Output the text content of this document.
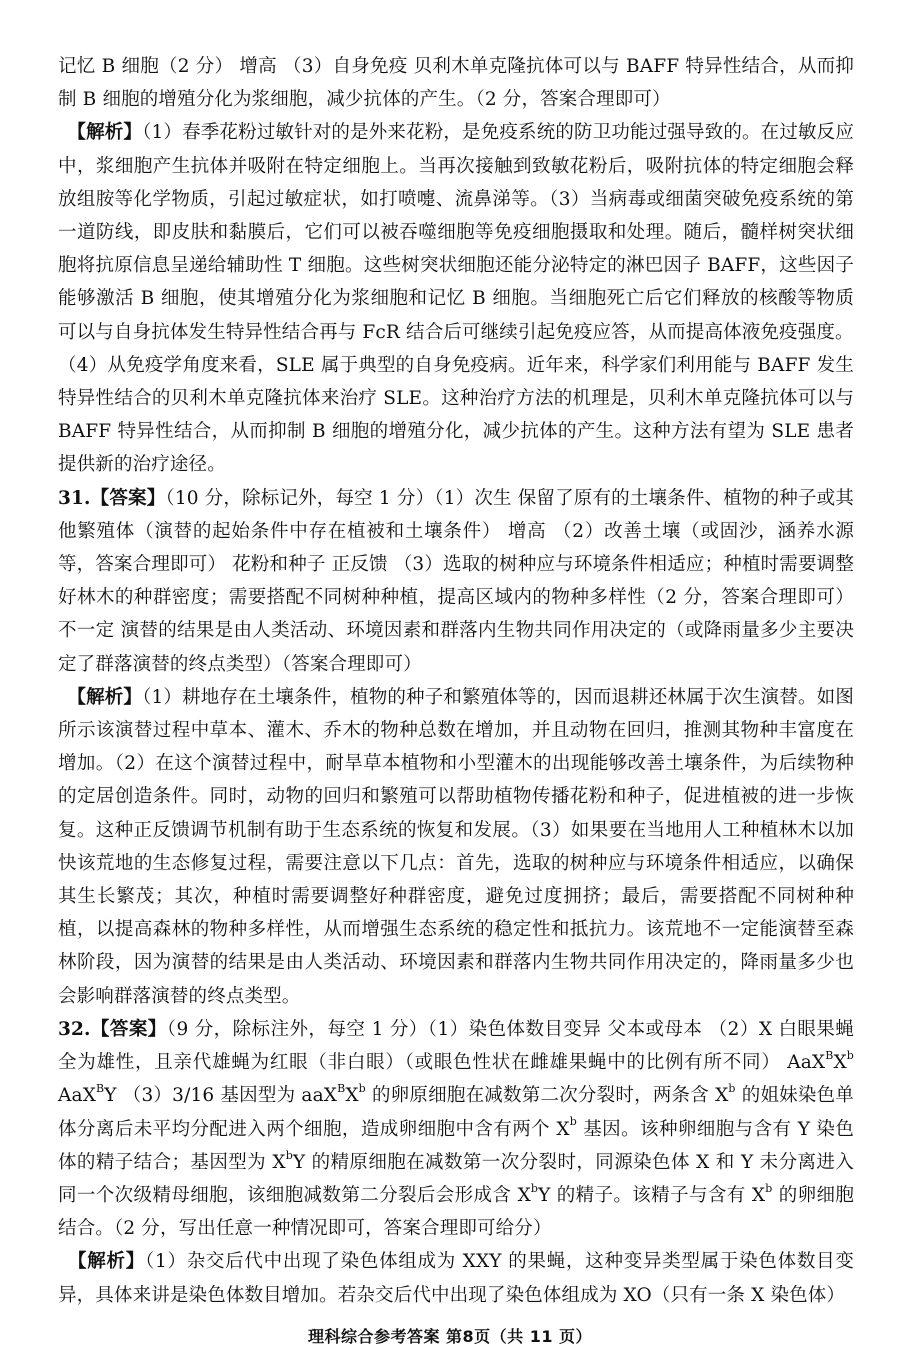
记忆 B 细胞（2 分） 增高 （3）自身免疫 贝利木单克隆抗体可以与 BAFF 特异性结合，从而抑制 B 细胞的增殖分化为浆细胞，减少抗体的产生。（2 分，答案合理即可）

 【解析】（1）春季花粉过敏针对的是外来花粉，是免疫系统的防卫功能过强导致的。在过敏反应中，浆细胞产生抗体并吸附在特定细胞上。当再次接触到致敏花粉后，吸附抗体的特定细胞会释放组胺等化学物质，引起过敏症状，如打喷嚏、流鼻涕等。（3）当病毒或细菌突破免疫系统的第一道防线，即皮肤和黏膜后，它们可以被吞噬细胞等免疫细胞摄取和处理。随后，髓样树突状细胞将抗原信息呈递给辅助性 T 细胞。这些树突状细胞还能分泌特定的淋巴因子 BAFF，这些因子能够激活 B 细胞，使其增殖分化为浆细胞和记忆 B 细胞。当细胞死亡后它们释放的核酸等物质可以与自身抗体发生特异性结合再与 FcR 结合后可继续引起免疫应答，从而提高体液免疫强度。

（4）从免疫学角度来看，SLE 属于典型的自身免疫病。近年来，科学家们利用能与 BAFF 发生特异性结合的贝利木单克隆抗体来治疗 SLE。这种治疗方法的机理是，贝利木单克隆抗体可以与 BAFF 特异性结合，从而抑制 B 细胞的增殖分化，减少抗体的产生。这种方法有望为 SLE 患者提供新的治疗途径。

31.【答案】（10 分，除标记外，每空 1 分）（1）次生 保留了原有的土壤条件、植物的种子或其他繁殖体（演替的起始条件中存在植被和土壤条件） 增高 （2）改善土壤（或固沙，涵养水源等，答案合理即可） 花粉和种子 正反馈 （3）选取的树种应与环境条件相适应；种植时需要调整好林木的种群密度；需要搭配不同树种种植，提高区域内的物种多样性（2 分，答案合理即可） 不一定 演替的结果是由人类活动、环境因素和群落内生物共同作用决定的（或降雨量多少主要决定了群落演替的终点类型）（答案合理即可）

 【解析】（1）耕地存在土壤条件，植物的种子和繁殖体等的，因而退耕还林属于次生演替。如图所示该演替过程中草本、灌木、乔木的物种总数在增加，并且动物在回归，推测其物种丰富度在增加。（2）在这个演替过程中，耐旱草本植物和小型灌木的出现能够改善土壤条件，为后续物种的定居创造条件。同时，动物的回归和繁殖可以帮助植物传播花粉和种子，促进植被的进一步恢复。这种正反馈调节机制有助于生态系统的恢复和发展。（3）如果要在当地用人工种植林木以加快该荒地的生态修复过程，需要注意以下几点：首先，选取的树种应与环境条件相适应，以确保其生长繁茂；其次，种植时需要调整好种群密度，避免过度拥挤；最后，需要搭配不同树种种植，以提高森林的物种多样性，从而增强生态系统的稳定性和抵抗力。该荒地不一定能演替至森林阶段，因为演替的结果是由人类活动、环境因素和群落内生物共同作用决定的，降雨量多少也会影响群落演替的终点类型。

32.【答案】（9 分，除标注外，每空 1 分）（1）染色体数目变异 父本或母本 （2）X 白眼果蝇全为雄性，且亲代雄蝇为红眼（非白眼）（或眼色性状在雌雄果蝇中的比例有所不同） $AaX^BX^b$ AaX$^B$Y （3）3/16 基因型为 $aaX^BX^b$ 的卵原细胞在减数第二次分裂时，两条含 $X^b$ 的姐妹染色单体分离后未平均分配进入两个细胞，造成卵细胞中含有两个 $X^b$ 基因。该种卵细胞与含有 Y 染色体的精子结合；基因型为 $X^bY$ 的精原细胞在减数第一次分裂时，同源染色体 X 和 Y 未分离进入同一个次级精母细胞，该细胞减数第二分裂后会形成含 $X^bY$ 的精子。该精子与含有 $X^b$ 的卵细胞结合。（2 分，写出任意一种情况即可，答案合理即可给分）

 【解析】（1）杂交后代中出现了染色体组成为 XXY 的果蝇，这种变异类型属于染色体数目变异，具体来讲是染色体数目增加。若杂交后代中出现了染色体组成为 XO（只有一条 X 染色体）

理科综合参考答案 第8页（共 11 页）
